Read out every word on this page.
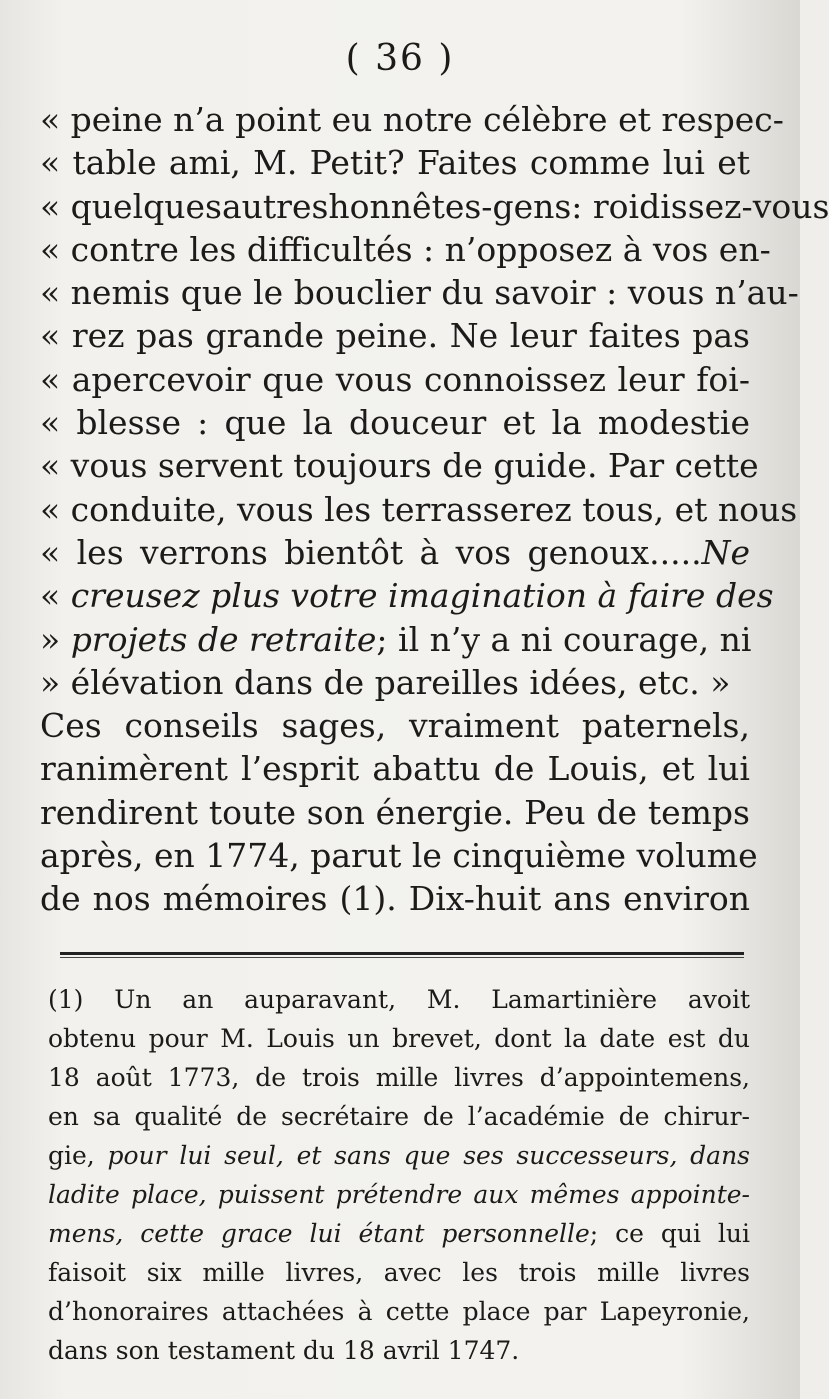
( 36 )
« peine n’a point eu notre célèbre et respec-
« table ami, M. Petit? Faites comme lui et
« quelquesautreshonnêtes-gens: roidissez-vous
« contre les difficultés : n’opposez à vos en-
« nemis que le bouclier du savoir : vous n’au-
« rez pas grande peine. Ne leur faites pas
« apercevoir que vous connoissez leur foi-
« blesse : que la douceur et la modestie
« vous servent toujours de guide. Par cette
« conduite, vous les terrasserez tous, et nous
« les verrons bientôt à vos genoux.....Ne
« creusez plus votre imagination à faire des
» projets de retraite; il n’y a ni courage, ni
» élévation dans de pareilles idées, etc. »
Ces conseils sages, vraiment paternels,
ranimèrent l’esprit abattu de Louis, et lui
rendirent toute son énergie. Peu de temps
après, en 1774, parut le cinquième volume
de nos mémoires (1). Dix-huit ans environ
(1) Un an auparavant, M. Lamartinière avoit
obtenu pour M. Louis un brevet, dont la date est du
18 août 1773, de trois mille livres d’appointemens,
en sa qualité de secrétaire de l’académie de chirur-
gie, pour lui seul, et sans que ses successeurs, dans
ladite place, puissent prétendre aux mêmes appointe-
mens, cette grace lui étant personnelle; ce qui lui
faisoit six mille livres, avec les trois mille livres
d’honoraires attachées à cette place par Lapeyronie,
dans son testament du 18 avril 1747.
